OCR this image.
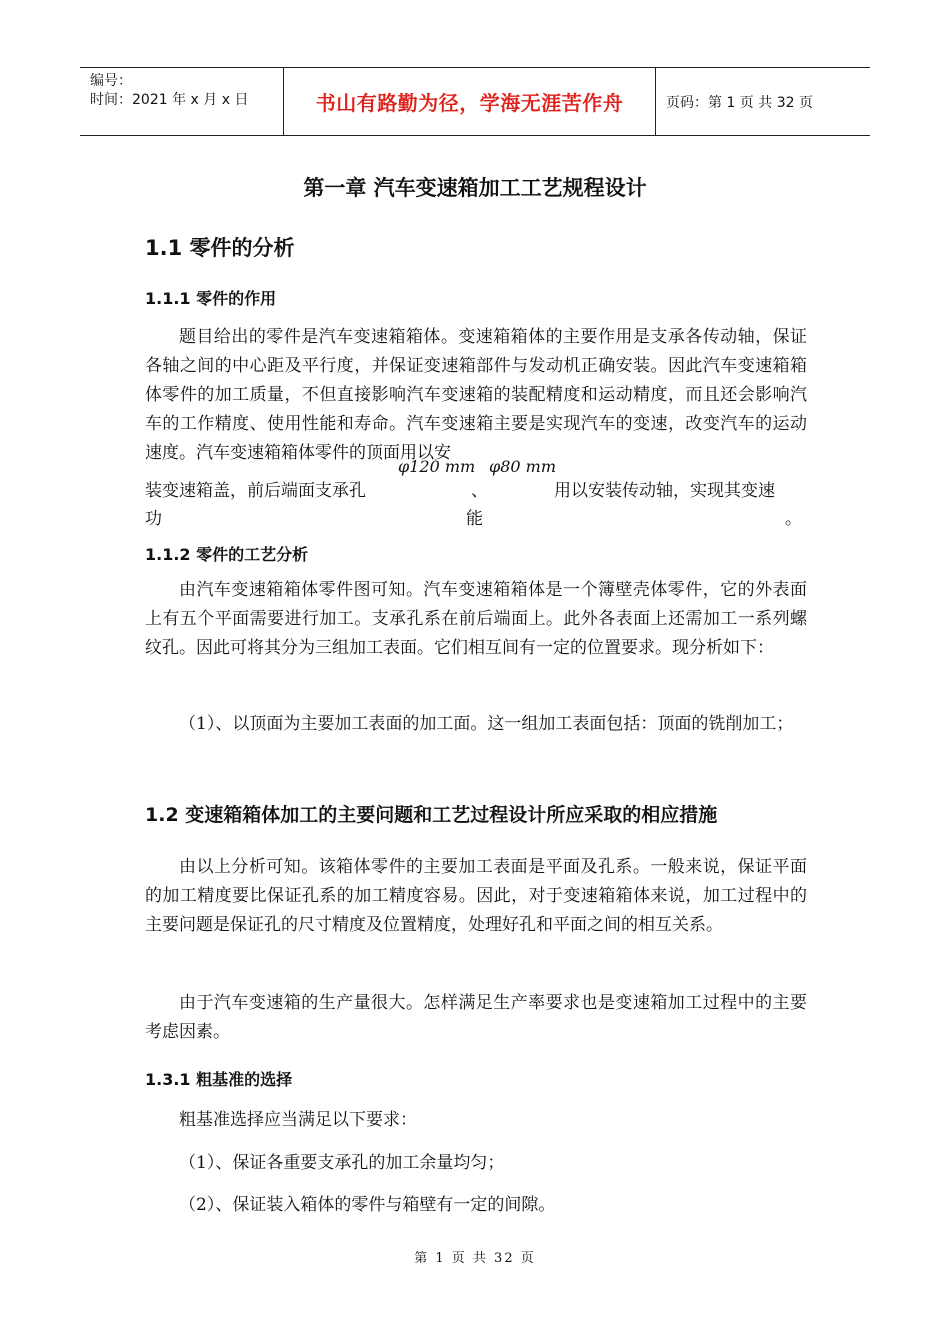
编号：
时间：2021 年 x 月 x 日	书山有路勤为径，学海无涯苦作舟	页码：第 1 页 共 32 页
第一章 汽车变速箱加工工艺规程设计
1.1 零件的分析
1.1.1 零件的作用

题目给出的零件是汽车变速箱箱体。变速箱箱体的主要作用是支承各传动轴，保证各轴之间的中心距及平行度，并保证变速箱部件与发动机正确安装。因此汽车变速箱箱体零件的加工质量，不但直接影响汽车变速箱的装配精度和运动精度，而且还会影响汽车的工作精度、使用性能和寿命。汽车变速箱主要是实现汽车的变速，改变汽车的运动速度。汽车变速箱箱体零件的顶面用以安

装变速箱盖，前后端面支承孔	、	用以安装传动轴，实现其变速
φ120 mm φ80 mm
功	能	。
1.1.2 零件的工艺分析

由汽车变速箱箱体零件图可知。汽车变速箱箱体是一个簿壁壳体零件，它的外表面上有五个平面需要进行加工。支承孔系在前后端面上。此外各表面上还需加工一系列螺纹孔。因此可将其分为三组加工表面。它们相互间有一定的位置要求。现分析如下：

（1）、以顶面为主要加工表面的加工面。这一组加工表面包括：顶面的铣削加工；

1.2 变速箱箱体加工的主要问题和工艺过程设计所应采取的相应措施

由以上分析可知。该箱体零件的主要加工表面是平面及孔系。一般来说，保证平面的加工精度要比保证孔系的加工精度容易。因此，对于变速箱箱体来说，加工过程中的主要问题是保证孔的尺寸精度及位置精度，处理好孔和平面之间的相互关系。

由于汽车变速箱的生产量很大。怎样满足生产率要求也是变速箱加工过程中的主要考虑因素。

1.3.1 粗基准的选择

粗基准选择应当满足以下要求：

（1）、保证各重要支承孔的加工余量均匀；

（2）、保证装入箱体的零件与箱壁有一定的间隙。

第 1 页 共 32 页
